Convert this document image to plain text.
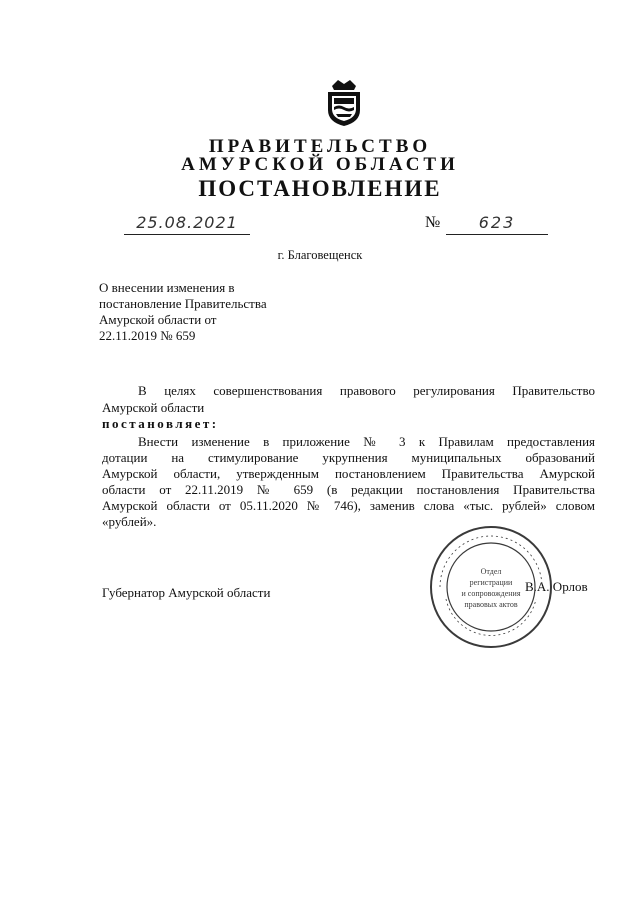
ПРАВИТЕЛЬСТВО
АМУРСКОЙ ОБЛАСТИ
ПОСТАНОВЛЕНИЕ
25.08.2021	№	623
г. Благовещенск
О внесении изменения в
постановление Правительства
Амурской области от
22.11.2019 № 659
В целях совершенствования правового регулирования Правительство
Амурской области
постановляет:
Внести изменение в приложение № 3 к Правилам предоставления
дотации на стимулирование укрупнения муниципальных образований
Амурской области, утвержденным постановлением Правительства Амурской
области от 22.11.2019 № 659 (в редакции постановления Правительства
Амурской области от 05.11.2020 № 746), заменив слова «тыс. рублей» словом
«рублей».
Губернатор Амурской области	В.А. Орлов
Отдел
регистрации
и сопровождения
правовых актов
